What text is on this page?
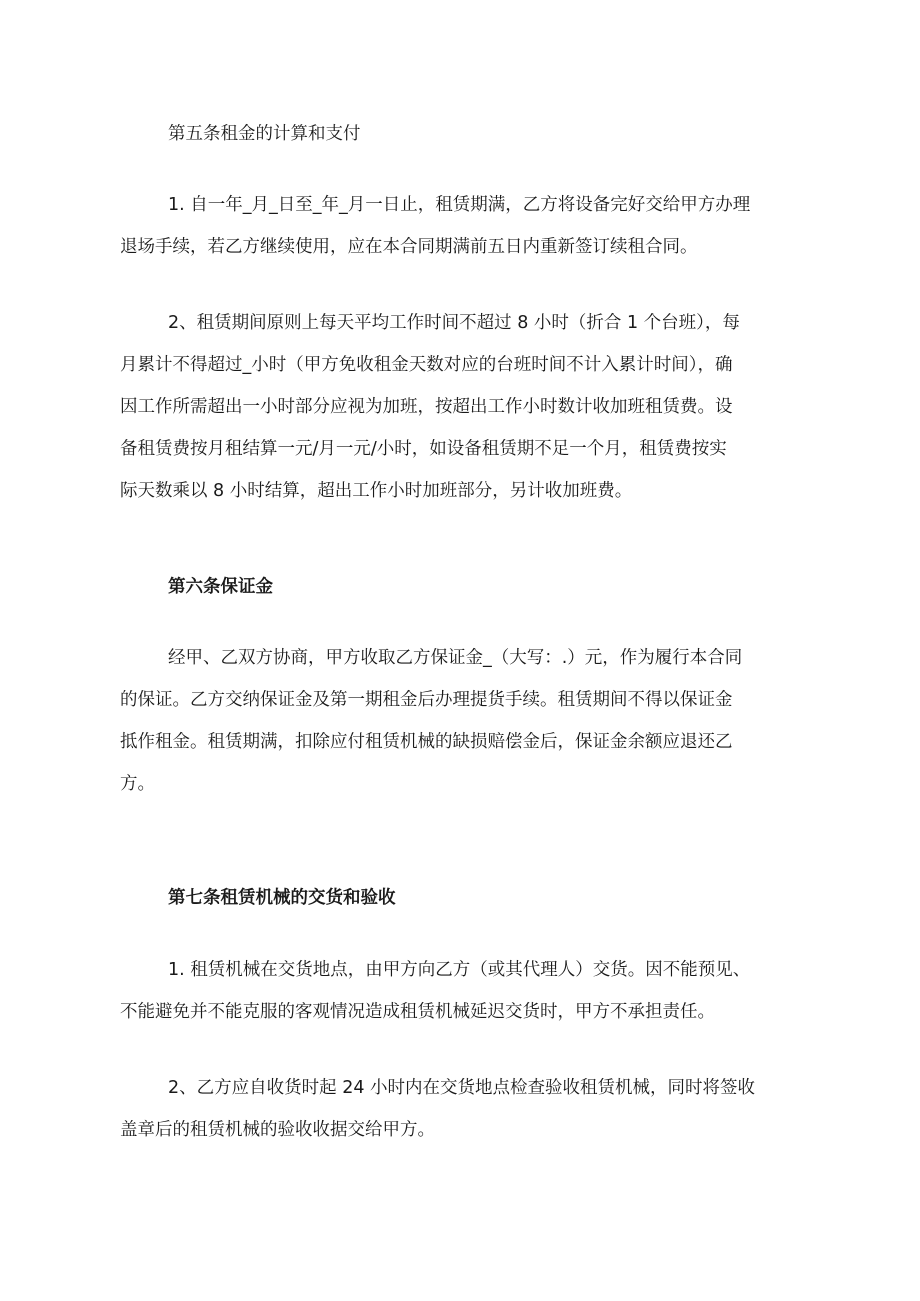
第五条租金的计算和支付
1. 自一年_月_日至_年_月一日止，租赁期满，乙方将设备完好交给甲方办理
退场手续，若乙方继续使用，应在本合同期满前五日内重新签订续租合同。
2、租赁期间原则上每天平均工作时间不超过 8 小时（折合 1 个台班），每
月累计不得超过_小时（甲方免收租金天数对应的台班时间不计入累计时间），确
因工作所需超出一小时部分应视为加班，按超出工作小时数计收加班租赁费。设
备租赁费按月租结算一元/月一元/小时，如设备租赁期不足一个月，租赁费按实
际天数乘以 8 小时结算，超出工作小时加班部分，另计收加班费。
第六条保证金
经甲、乙双方协商，甲方收取乙方保证金_（大写：.）元，作为履行本合同
的保证。乙方交纳保证金及第一期租金后办理提货手续。租赁期间不得以保证金
抵作租金。租赁期满，扣除应付租赁机械的缺损赔偿金后，保证金余额应退还乙
方。
第七条租赁机械的交货和验收
1. 租赁机械在交货地点，由甲方向乙方（或其代理人）交货。因不能预见、
不能避免并不能克服的客观情况造成租赁机械延迟交货时，甲方不承担责任。
2、乙方应自收货时起 24 小时内在交货地点检查验收租赁机械，同时将签收
盖章后的租赁机械的验收收据交给甲方。
